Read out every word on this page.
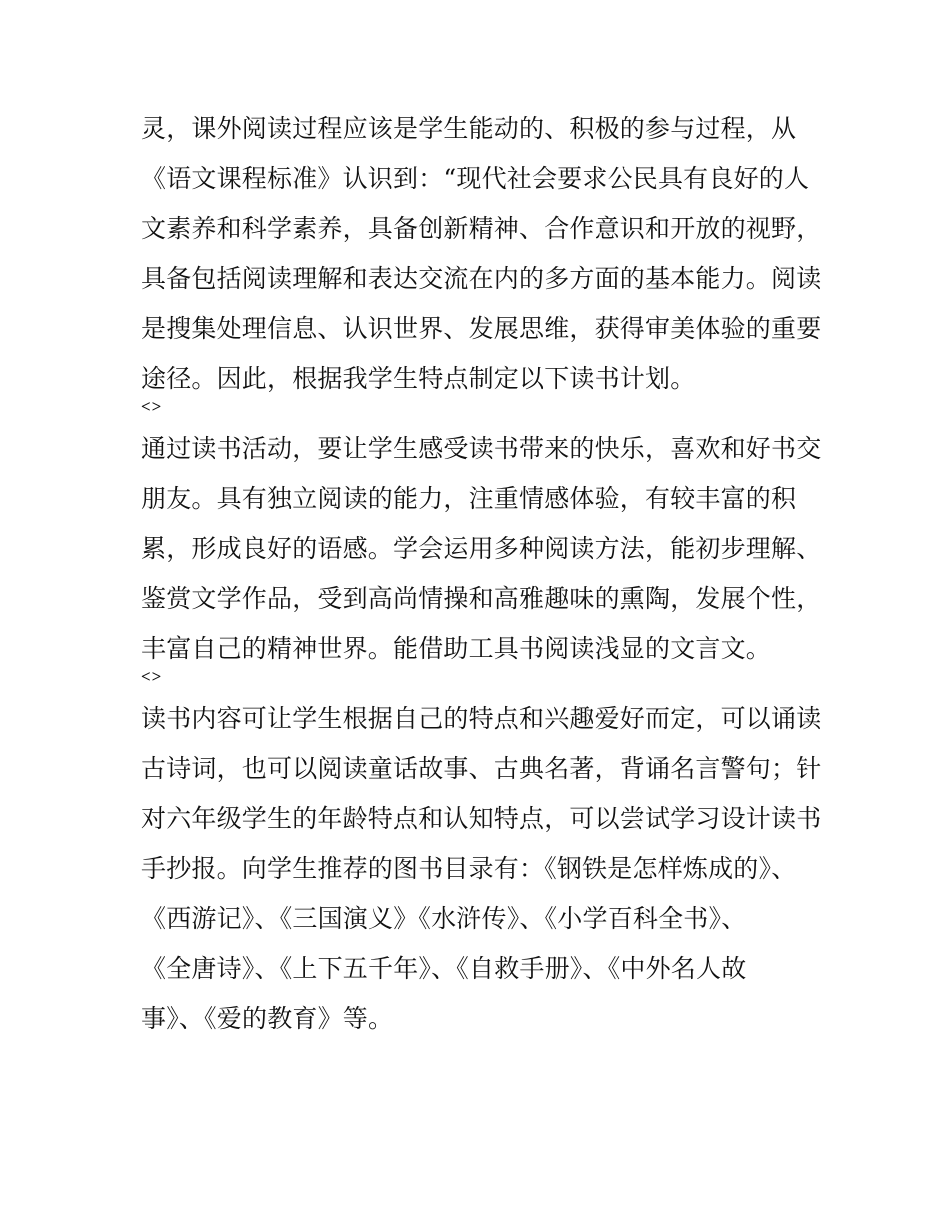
灵，课外阅读过程应该是学生能动的、积极的参与过程，从

《语文课程标准》认识到：“现代社会要求公民具有良好的人

文素养和科学素养，具备创新精神、合作意识和开放的视野，

具备包括阅读理解和表达交流在内的多方面的基本能力。阅读

是搜集处理信息、认识世界、发展思维，获得审美体验的重要

途径。因此，根据我学生特点制定以下读书计划。

<>

通过读书活动，要让学生感受读书带来的快乐，喜欢和好书交

朋友。具有独立阅读的能力，注重情感体验，有较丰富的积

累，形成良好的语感。学会运用多种阅读方法，能初步理解、

鉴赏文学作品，受到高尚情操和高雅趣味的熏陶，发展个性，

丰富自己的精神世界。能借助工具书阅读浅显的文言文。

<>

读书内容可让学生根据自己的特点和兴趣爱好而定，可以诵读

古诗词，也可以阅读童话故事、古典名著，背诵名言警句；针

对六年级学生的年龄特点和认知特点，可以尝试学习设计读书

手抄报。向学生推荐的图书目录有：《钢铁是怎样炼成的》、

《西游记》、《三国演义》《水浒传》、《小学百科全书》、

《全唐诗》、《上下五千年》、《自救手册》、《中外名人故

事》、《爱的教育》等。
